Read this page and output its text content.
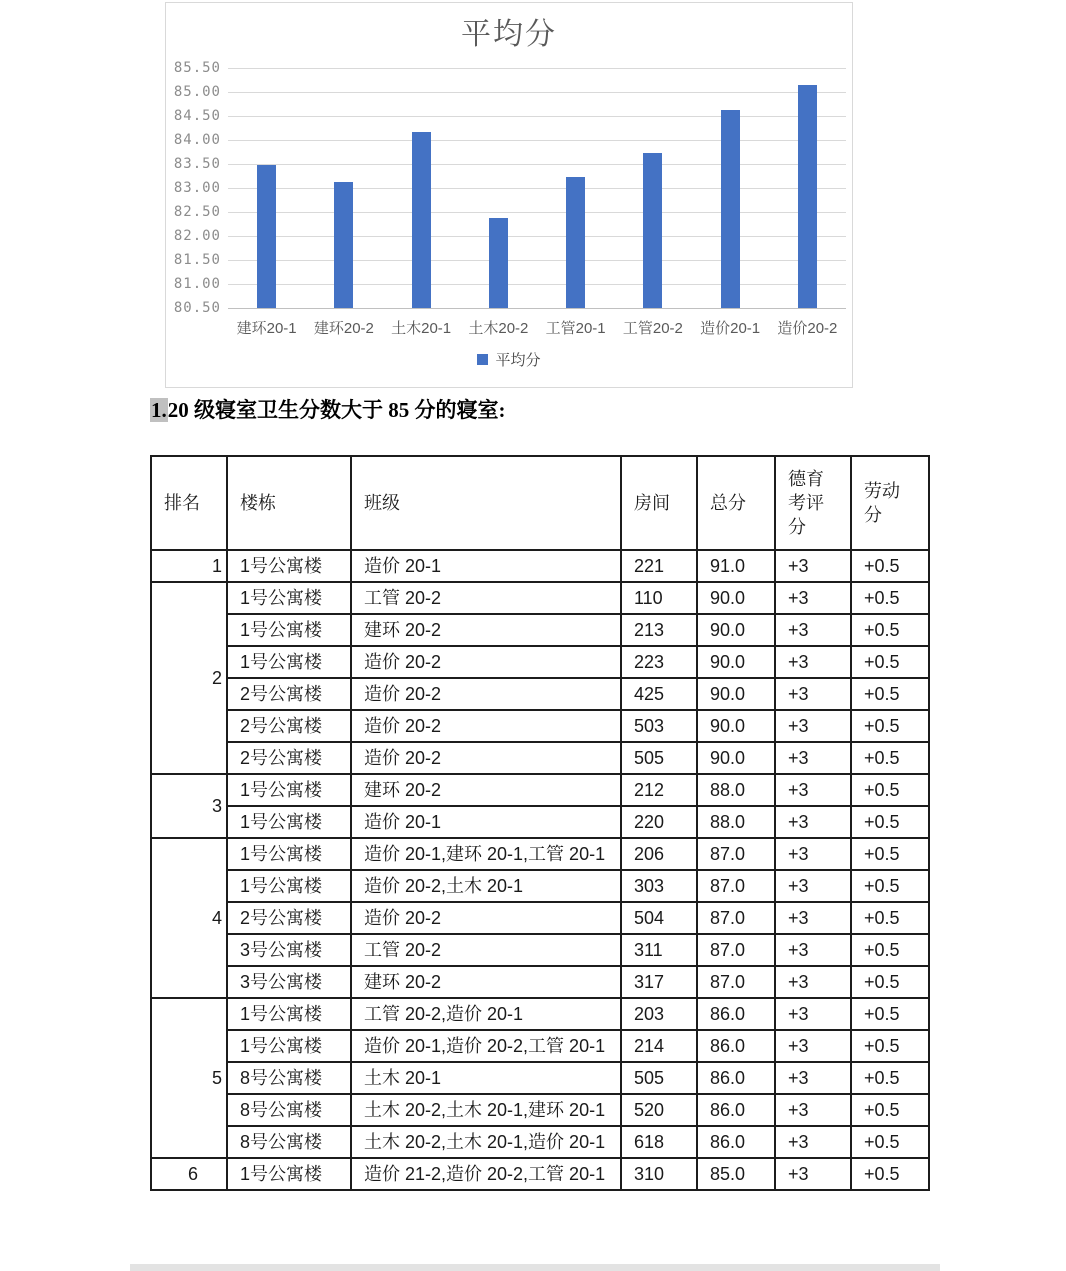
平均分
建环20-1	建环20-2	土木20-1	土木20-2	工管20-1	工管20-2	造价20-1	造价20-2
平均分
85.50
85.00
84.50
84.00
83.50
83.00
82.50
82.00
81.50
81.00
80.50
1.20 级寝室卫生分数大于 85 分的寝室:
排名	楼栋	班级	房间	总分	德育考评分	劳动分

1	1号公寓楼	造价 20-1	221	91.0	+3	+0.5

2	1号公寓楼	工管 20-2	110	90.0	+3	+0.5
	1号公寓楼	建环 20-2	213	90.0	+3	+0.5
	1号公寓楼	造价 20-2	223	90.0	+3	+0.5
	2号公寓楼	造价 20-2	425	90.0	+3	+0.5
	2号公寓楼	造价 20-2	503	90.0	+3	+0.5
	2号公寓楼	造价 20-2	505	90.0	+3	+0.5

3	1号公寓楼	建环 20-2	212	88.0	+3	+0.5
	1号公寓楼	造价 20-1	220	88.0	+3	+0.5

4	1号公寓楼	造价 20-1,建环 20-1,工管 20-1	206	87.0	+3	+0.5
	1号公寓楼	造价 20-2,土木 20-1	303	87.0	+3	+0.5
	2号公寓楼	造价 20-2	504	87.0	+3	+0.5
	3号公寓楼	工管 20-2	311	87.0	+3	+0.5
	3号公寓楼	建环 20-2	317	87.0	+3	+0.5

5	1号公寓楼	工管 20-2,造价 20-1	203	86.0	+3	+0.5
	1号公寓楼	造价 20-1,造价 20-2,工管 20-1	214	86.0	+3	+0.5
	8号公寓楼	土木 20-1	505	86.0	+3	+0.5
	8号公寓楼	土木 20-2,土木 20-1,建环 20-1	520	86.0	+3	+0.5
	8号公寓楼	土木 20-2,土木 20-1,造价 20-1	618	86.0	+3	+0.5

6	1号公寓楼	造价 21-2,造价 20-2,工管 20-1	310	85.0	+3	+0.5
